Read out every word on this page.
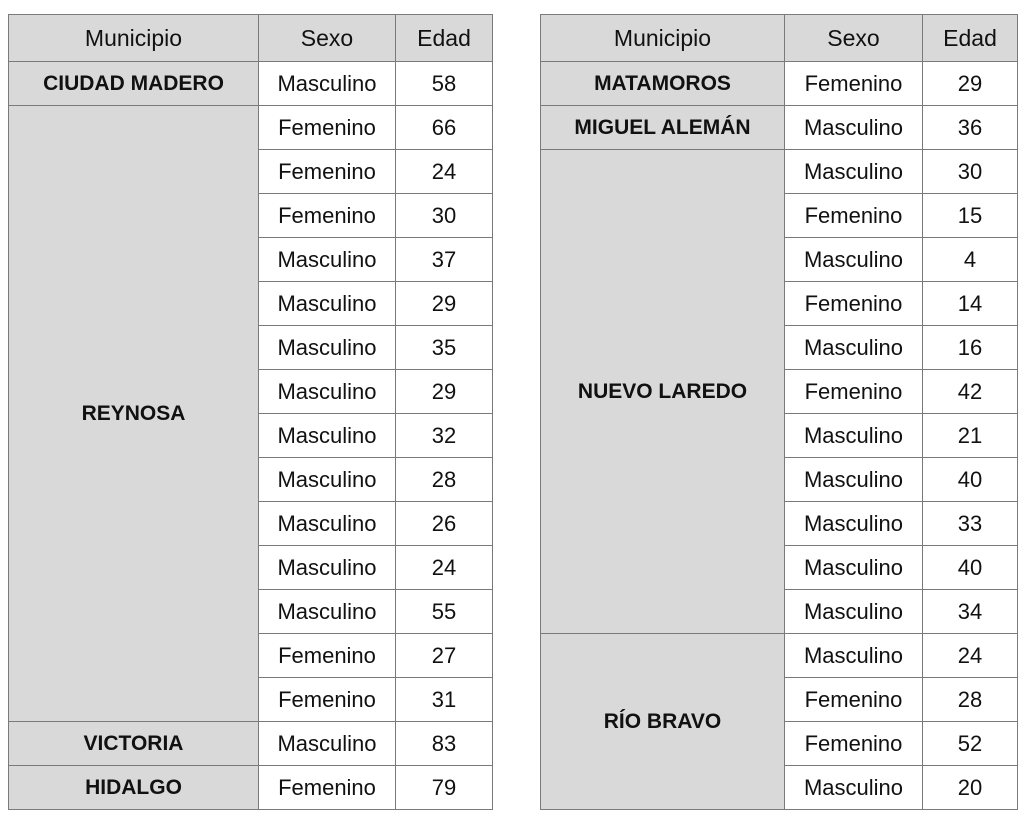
Municipio	Sexo	Edad
CIUDAD MADERO	Masculino	58
REYNOSA	Femenino	66
	Femenino	24
	Femenino	30
	Masculino	37
	Masculino	29
	Masculino	35
	Masculino	29
	Masculino	32
	Masculino	28
	Masculino	26
	Masculino	24
	Masculino	55
	Femenino	27
	Femenino	31
VICTORIA	Masculino	83
HIDALGO	Femenino	79
Municipio	Sexo	Edad
MATAMOROS	Femenino	29
MIGUEL ALEMÁN	Masculino	36
NUEVO LAREDO	Masculino	30
	Femenino	15
	Masculino	4
	Femenino	14
	Masculino	16
	Femenino	42
	Masculino	21
	Masculino	40
	Masculino	33
	Masculino	40
	Masculino	34
RÍO BRAVO	Masculino	24
	Femenino	28
	Femenino	52
	Masculino	20
